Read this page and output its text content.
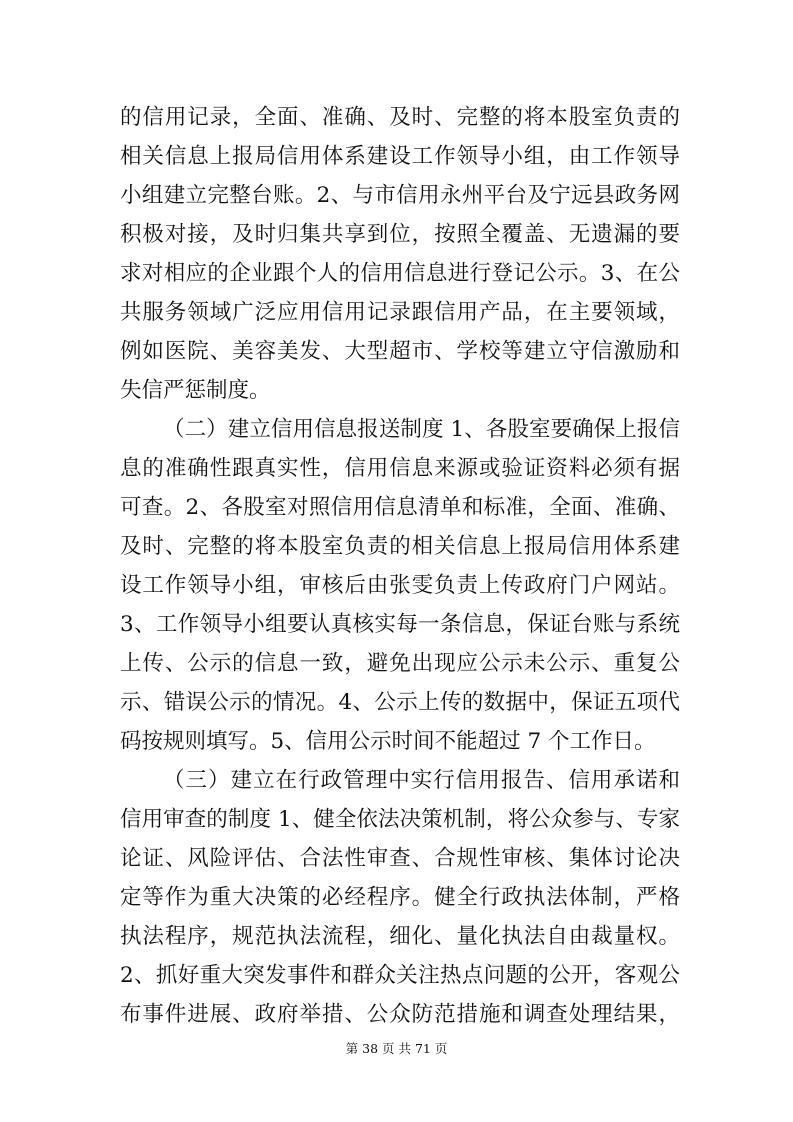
的信用记录，全面、准确、及时、完整的将本股室负责的
相关信息上报局信用体系建设工作领导小组，由工作领导
小组建立完整台账。2、与市信用永州平台及宁远县政务网
积极对接，及时归集共享到位，按照全覆盖、无遗漏的要
求对相应的企业跟个人的信用信息进行登记公示。3、在公
共服务领域广泛应用信用记录跟信用产品，在主要领域，
例如医院、美容美发、大型超市、学校等建立守信激励和
失信严惩制度。
（二）建立信用信息报送制度 1、各股室要确保上报信
息的准确性跟真实性，信用信息来源或验证资料必须有据
可查。2、各股室对照信用信息清单和标准，全面、准确、
及时、完整的将本股室负责的相关信息上报局信用体系建
设工作领导小组，审核后由张雯负责上传政府门户网站。
3、工作领导小组要认真核实每一条信息，保证台账与系统
上传、公示的信息一致，避免出现应公示未公示、重复公
示、错误公示的情况。4、公示上传的数据中，保证五项代
码按规则填写。5、信用公示时间不能超过 7 个工作日。
（三）建立在行政管理中实行信用报告、信用承诺和
信用审查的制度 1、健全依法决策机制，将公众参与、专家
论证、风险评估、合法性审查、合规性审核、集体讨论决
定等作为重大决策的必经程序。健全行政执法体制，严格
执法程序，规范执法流程，细化、量化执法自由裁量权。
2、抓好重大突发事件和群众关注热点问题的公开，客观公
布事件进展、政府举措、公众防范措施和调查处理结果，
第 38 页 共 71 页
